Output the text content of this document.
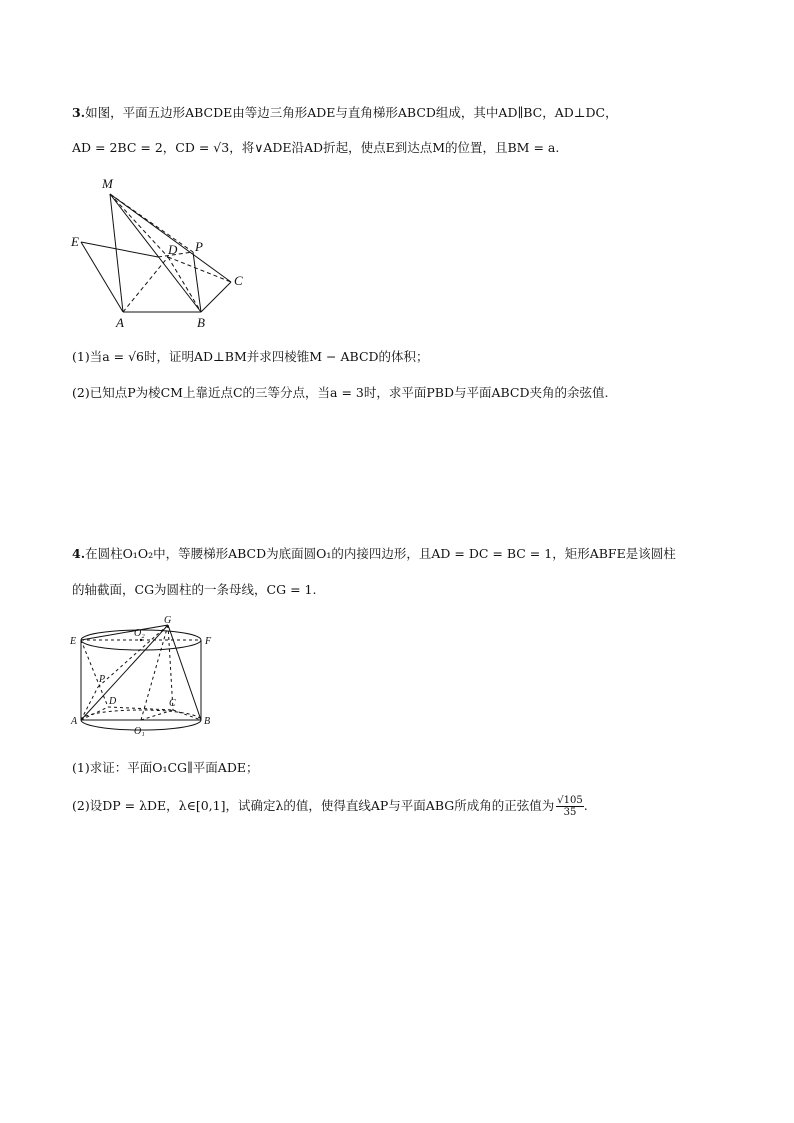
3.如图，平面五边形ABCDE由等边三角形ADE与直角梯形ABCD组成，其中AD∥BC，AD⊥DC，
AD = 2BC = 2，CD = √3，将∨ADE沿AD折起，使点E到达点M的位置，且BM = a.
M
E
D P
C
A	B
(1)当a = √6时，证明AD⊥BM并求四棱锥M − ABCD的体积；
(2)已知点P为棱CM上靠近点C的三等分点，当a = 3时，求平面PBD与平面ABCD夹角的余弦值.
4.在圆柱O₁O₂中，等腰梯形ABCD为底面圆O₁的内接四边形，且AD = DC = BC = 1，矩形ABFE是该圆柱
的轴截面，CG为圆柱的一条母线，CG = 1.
E
O₂
G
F
P
D	C
A
O₁
B
(1)求证：平面O₁CG∥平面ADE；
(2)设DP = λDE，λ∈[0,1]，试确定λ的值，使得直线AP与平面ABG所成角的正弦值为 $\frac{√105}{35}$ .
